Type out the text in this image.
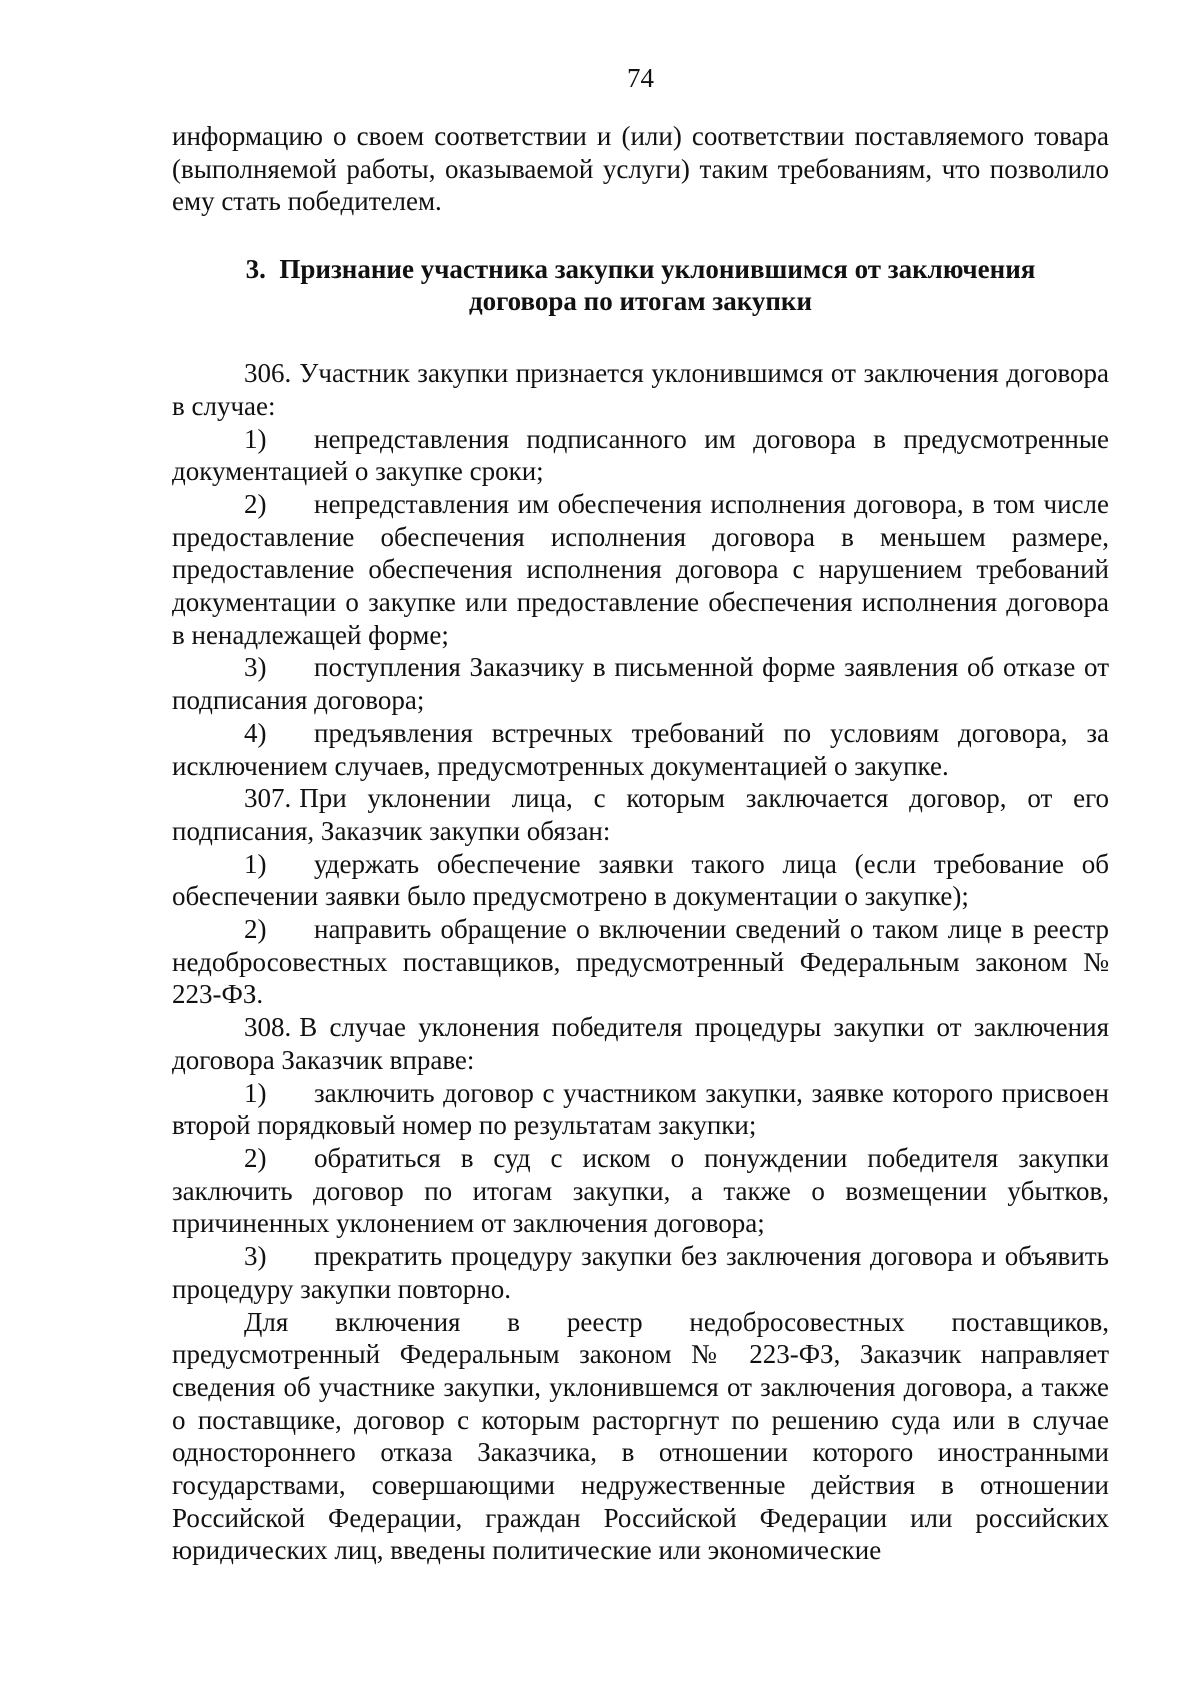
74

информацию о своем соответствии и (или) соответствии поставляемого товара (выполняемой работы, оказываемой услуги) таким требованиям, что позволило ему стать победителем.

3. Признание участника закупки уклонившимся от заключения
договора по итогам закупки

306. Участник закупки признается уклонившимся от заключения договора в случае:

1) непредставления подписанного им договора в предусмотренные документацией о закупке сроки;

2) непредставления им обеспечения исполнения договора, в том числе предоставление обеспечения исполнения договора в меньшем размере, предоставление обеспечения исполнения договора с нарушением требований документации о закупке или предоставление обеспечения исполнения договора в ненадлежащей форме;

3) поступления Заказчику в письменной форме заявления об отказе от подписания договора;

4) предъявления встречных требований по условиям договора, за исключением случаев, предусмотренных документацией о закупке.

307. При уклонении лица, с которым заключается договор, от его подписания, Заказчик закупки обязан:

1) удержать обеспечение заявки такого лица (если требование об обеспечении заявки было предусмотрено в документации о закупке);

2) направить обращение о включении сведений о таком лице в реестр недобросовестных поставщиков, предусмотренный Федеральным законом № 223-ФЗ.

308. В случае уклонения победителя процедуры закупки от заключения договора Заказчик вправе:

1) заключить договор с участником закупки, заявке которого присвоен второй порядковый номер по результатам закупки;

2) обратиться в суд с иском о понуждении победителя закупки заключить договор по итогам закупки, а также о возмещении убытков, причиненных уклонением от заключения договора;

3) прекратить процедуру закупки без заключения договора и объявить процедуру закупки повторно.

Для включения в реестр недобросовестных поставщиков, предусмотренный Федеральным законом № 223-ФЗ, Заказчик направляет сведения об участнике закупки, уклонившемся от заключения договора, а также о поставщике, договор с которым расторгнут по решению суда или в случае одностороннего отказа Заказчика, в отношении которого иностранными государствами, совершающими недружественные действия в отношении Российской Федерации, граждан Российской Федерации или российских юридических лиц, введены политические или экономические
